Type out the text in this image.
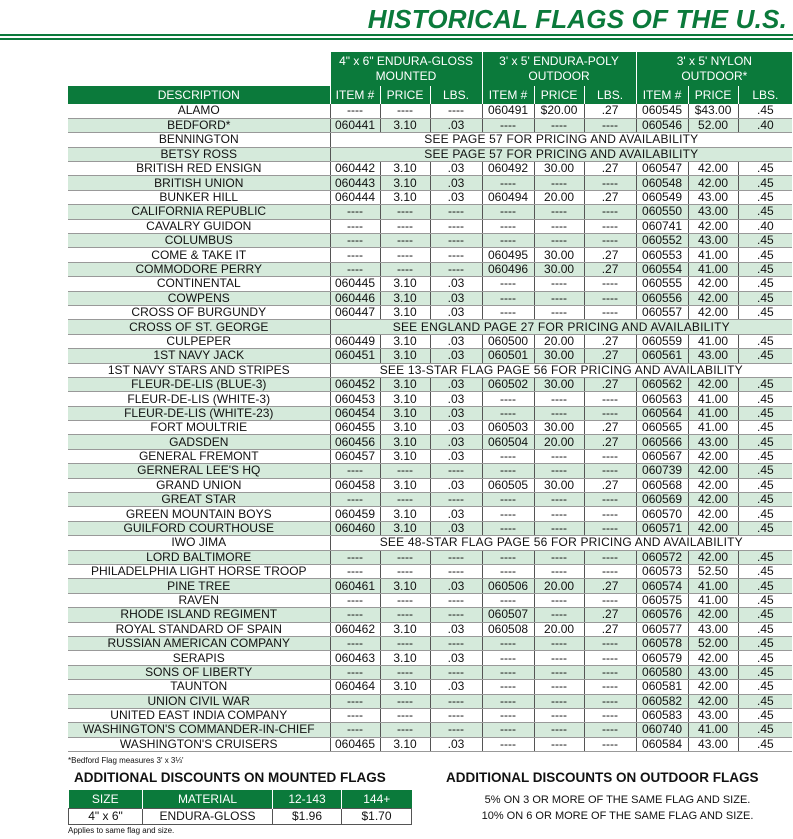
HISTORICAL FLAGS OF THE U.S.
	4" x 6" ENDURA-GLOSS
MOUNTED			3' x 5' ENDURA-POLY
OUTDOOR			3' x 5' NYLON
OUTDOOR*		
DESCRIPTION	ITEM #	PRICE	LBS.	ITEM #	PRICE	LBS.	ITEM #	PRICE	LBS.
ALAMO	----	----	----	060491	$20.00	.27	060545	$43.00	.45
BEDFORD*	060441	3.10	.03	----	----	----	060546	52.00	.40
BENNINGTON	SEE PAGE 57 FOR PRICING AND AVAILABILITY								
BETSY ROSS	SEE PAGE 57 FOR PRICING AND AVAILABILITY								
BRITISH RED ENSIGN	060442	3.10	.03	060492	30.00	.27	060547	42.00	.45
BRITISH UNION	060443	3.10	.03	----	----	----	060548	42.00	.45
BUNKER HILL	060444	3.10	.03	060494	20.00	.27	060549	43.00	.45
CALIFORNIA REPUBLIC	----	----	----	----	----	----	060550	43.00	.45
CAVALRY GUIDON	----	----	----	----	----	----	060741	42.00	.40
COLUMBUS	----	----	----	----	----	----	060552	43.00	.45
COME & TAKE IT	----	----	----	060495	30.00	.27	060553	41.00	.45
COMMODORE PERRY	----	----	----	060496	30.00	.27	060554	41.00	.45
CONTINENTAL	060445	3.10	.03	----	----	----	060555	42.00	.45
COWPENS	060446	3.10	.03	----	----	----	060556	42.00	.45
CROSS OF BURGUNDY	060447	3.10	.03	----	----	----	060557	42.00	.45
CROSS OF ST. GEORGE	SEE ENGLAND PAGE 27 FOR PRICING AND AVAILABILITY								
CULPEPER	060449	3.10	.03	060500	20.00	.27	060559	41.00	.45
1ST NAVY JACK	060451	3.10	.03	060501	30.00	.27	060561	43.00	.45
1ST NAVY STARS AND STRIPES	SEE 13-STAR FLAG PAGE 56 FOR PRICING AND AVAILABILITY								
FLEUR-DE-LIS (BLUE-3)	060452	3.10	.03	060502	30.00	.27	060562	42.00	.45
FLEUR-DE-LIS (WHITE-3)	060453	3.10	.03	----	----	----	060563	41.00	.45
FLEUR-DE-LIS (WHITE-23)	060454	3.10	.03	----	----	----	060564	41.00	.45
FORT MOULTRIE	060455	3.10	.03	060503	30.00	.27	060565	41.00	.45
GADSDEN	060456	3.10	.03	060504	20.00	.27	060566	43.00	.45
GENERAL FREMONT	060457	3.10	.03	----	----	----	060567	42.00	.45
GERNERAL LEE'S HQ	----	----	----	----	----	----	060739	42.00	.45
GRAND UNION	060458	3.10	.03	060505	30.00	.27	060568	42.00	.45
GREAT STAR	----	----	----	----	----	----	060569	42.00	.45
GREEN MOUNTAIN BOYS	060459	3.10	.03	----	----	----	060570	42.00	.45
GUILFORD COURTHOUSE	060460	3.10	.03	----	----	----	060571	42.00	.45
IWO JIMA	SEE 48-STAR FLAG PAGE 56 FOR PRICING AND AVAILABILITY								
LORD BALTIMORE	----	----	----	----	----	----	060572	42.00	.45
PHILADELPHIA LIGHT HORSE TROOP	----	----	----	----	----	----	060573	52.50	.45
PINE TREE	060461	3.10	.03	060506	20.00	.27	060574	41.00	.45
RAVEN	----	----	----	----	----	----	060575	41.00	.45
RHODE ISLAND REGIMENT	----	----	----	060507	----	.27	060576	42.00	.45
ROYAL STANDARD OF SPAIN	060462	3.10	.03	060508	20.00	.27	060577	43.00	.45
RUSSIAN AMERICAN COMPANY	----	----	----	----	----	----	060578	52.00	.45
SERAPIS	060463	3.10	.03	----	----	----	060579	42.00	.45
SONS OF LIBERTY	----	----	----	----	----	----	060580	43.00	.45
TAUNTON	060464	3.10	.03	----	----	----	060581	42.00	.45
UNION CIVIL WAR	----	----	----	----	----	----	060582	42.00	.45
UNITED EAST INDIA COMPANY	----	----	----	----	----	----	060583	43.00	.45
WASHINGTON'S COMMANDER-IN-CHIEF	----	----	----	----	----	----	060740	41.00	.45
WASHINGTON'S CRUISERS	060465	3.10	.03	----	----	----	060584	43.00	.45
*Bedford Flag measures 3' x 3⅓'
ADDITIONAL DISCOUNTS ON MOUNTED FLAGS
SIZE	MATERIAL	12-143	144+
4" x 6"	ENDURA-GLOSS	$1.96	$1.70
Applies to same flag and size.
ADDITIONAL DISCOUNTS ON OUTDOOR FLAGS
5% ON 3 OR MORE OF THE SAME FLAG AND SIZE.
10% ON 6 OR MORE OF THE SAME FLAG AND SIZE.
